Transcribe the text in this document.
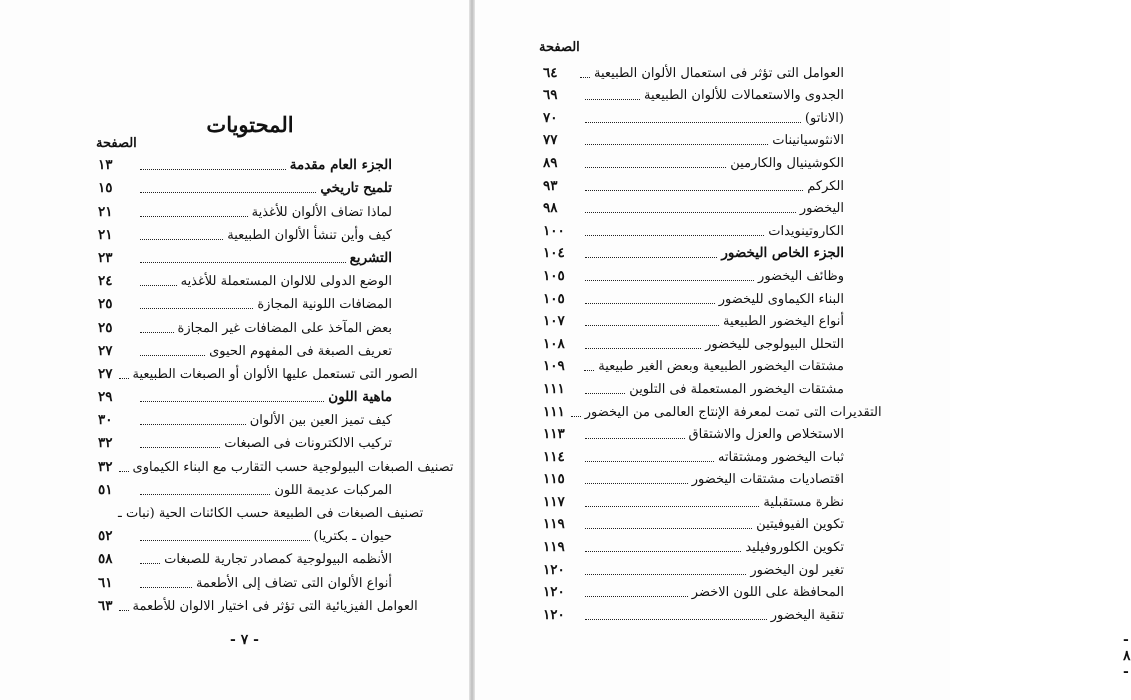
المحتويات
الصفحة
١٣	الجزء العام مقدمة
١٥	تلميح تاريخي
٢١	لماذا تضاف الألوان للأغذية
٢١	كيف وأين تنشأ الألوان الطبيعية
٢٣	التشريع
٢٤	الوضع الدولى للالوان المستعملة للأغذيه
٢٥	المضافات اللونية المجازة
٢٥	بعض المآخذ على المضافات غير المجازة
٢٧	تعريف الصبغة فى المفهوم الحيوى
٢٧ الصور التى تستعمل عليها الألوان أو الصبغات الطبيعية
٢٩	ماهية اللون
٣٠	كيف تميز العين بين الألوان
٣٢	تركيب الالكترونات فى الصبغات
٣٢ تصنيف الصبغات البيولوجية حسب التقارب مع البناء الكيماوى
٥١	المركبات عديمة اللون
تصنيف الصبغات فى الطبيعة حسب الكائنات الحية (نبات ـ
٥٢	حيوان ـ بكتريا)
٥٨	الأنظمه البيولوجية كمصادر تجارية للصبغات
٦١	أنواع الألوان التى تضاف إلى الأطعمة
٦٣ العوامل الفيزيائية التى تؤثر فى اختيار الالوان للأطعمة
- ٧ -
الصفحة
٦٤	العوامل التى تؤثر فى استعمال الألوان الطبيعية
٦٩	الجدوى والاستعمالات للألوان الطبيعية
٧٠	(الاناتو)
٧٧	الانثوسيانينات
٨٩	الكوشينيال والكارمين
٩٣	الكركم
٩٨	اليخضور
١٠٠	الكاروتينويدات
١٠٤	الجزء الخاص اليخضور
١٠٥	وظائف اليخضور
١٠٥	البناء الكيماوى لليخضور
١٠٧	أنواع اليخضور الطبيعية
١٠٨	التحلل البيولوجى لليخضور
١٠٩	مشتقات اليخضور الطبيعية وبعض الغير طبيعية
١١١	مشتقات اليخضور المستعملة فى التلوين
١١١ التقديرات التى تمت لمعرفة الإنتاج العالمى من اليخضور
١١٣	الاستخلاص والعزل والاشتقاق
١١٤	ثبات اليخضور ومشتقاته
١١٥	اقتصاديات مشتقات اليخضور
١١٧	نظرة مستقبلية
١١٩	تكوين الفيوفيتين
١١٩	تكوين الكلوروفيليد
١٢٠	تغير لون اليخضور
١٢٠	المحافظة على اللون الاخضر
١٢٠	تنقية اليخضور
- ٨ -
